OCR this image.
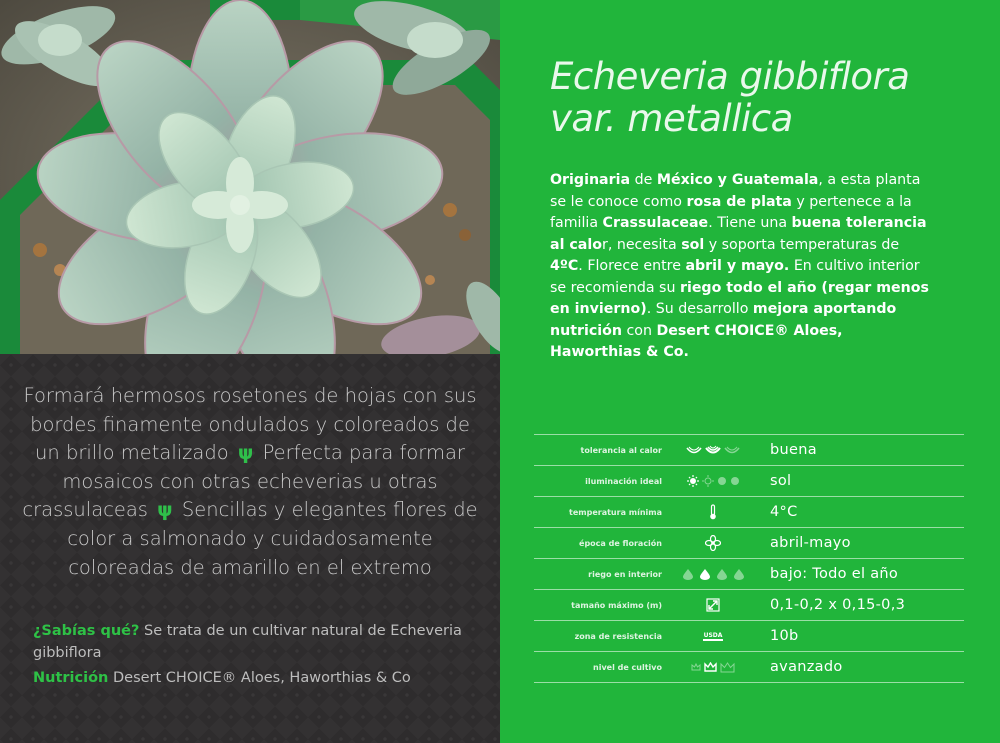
Formará hermosos rosetones de hojas con sus bordes finamente ondulados y coloreados de un brillo metalizado ψ Perfecta para formar mosaicos con otras echeverias u otras crassulaceas ψ Sencillas y elegantes flores de color a salmonado y cuidadosamente coloreadas de amarillo en el extremo

¿Sabías qué? Se trata de un cultivar natural de Echeveria gibbiflora

Nutrición Desert CHOICE® Aloes, Haworthias & Co

Echeveria gibbiflora
var. metallica
Originaria de México y Guatemala, a esta planta se le conoce como rosa de plata y pertenece a la familia Crassulaceae. Tiene una buena tolerancia al calor, necesita sol y soporta temperaturas de 4ºC. Florece entre abril y mayo. En cultivo interior se recomienda su riego todo el año (regar menos en invierno). Su desarrollo mejora aportando nutrición con Desert CHOICE® Aloes, Haworthias & Co.
tolerancia al calor	buena
iluminación ideal	sol
temperatura mínima	4°C
época de floración	abril-mayo
riego en interior	bajo: Todo el año
tamaño máximo (m)	0,1-0,2 x 0,15-0,3
zona de resistencia	USDA	10b
nivel de cultivo	avanzado
